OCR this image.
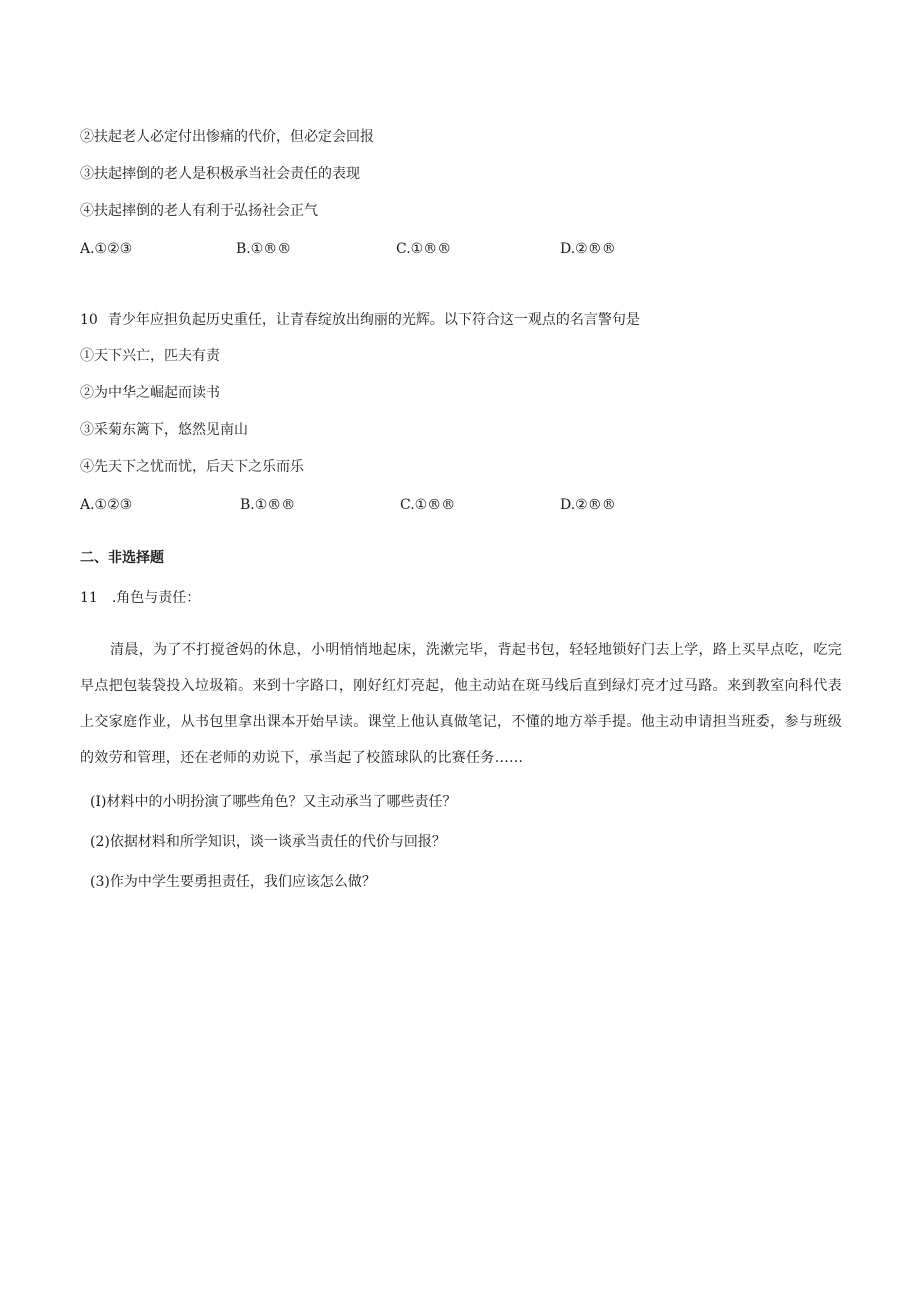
②扶起老人必定付出惨痛的代价，但必定会回报
③扶起摔倒的老人是积极承当社会责任的表现
④扶起摔倒的老人有利于弘扬社会正气
A.①②③	B.①®®	C.①®®	D.②®®
10 青少年应担负起历史重任，让青春绽放出绚丽的光辉。以下符合这一观点的名言警句是
①天下兴亡，匹夫有责
②为中华之崛起而读书
③采菊东篱下，悠然见南山
④先天下之忧而忧，后天下之乐而乐
A.①②③	B.①®®	C.①®®	D.②®®
二、非选择题
11 .角色与责任：
清晨，为了不打搅爸妈的休息，小明悄悄地起床，洗漱完毕，背起书包，轻轻地锁好门去上学，路上买早点吃，吃完早点把包装袋投入垃圾箱。来到十字路口，刚好红灯亮起，他主动站在斑马线后直到绿灯亮才过马路。来到教室向科代表上交家庭作业，从书包里拿出课本开始早读。课堂上他认真做笔记，不懂的地方举手提。他主动申请担当班委，参与班级的效劳和管理，还在老师的劝说下，承当起了校篮球队的比赛任务……
(I)材料中的小明扮演了哪些角色？又主动承当了哪些责任？
(2)依据材料和所学知识，谈一谈承当责任的代价与回报？
(3)作为中学生要勇担责任，我们应该怎么做？
